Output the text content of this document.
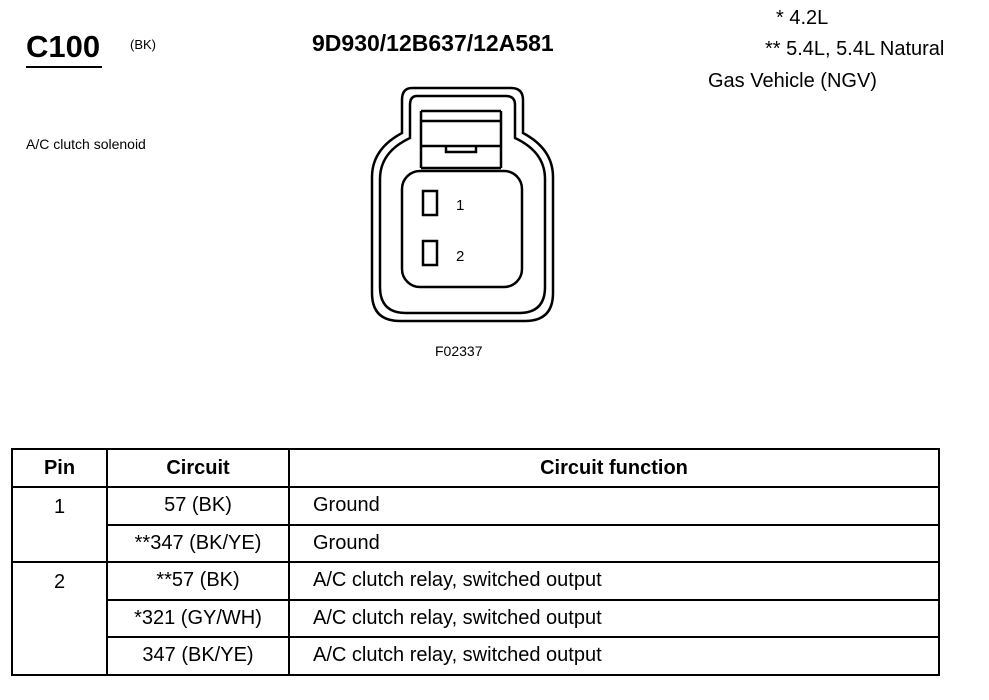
C100 (BK)	9D930/12B637/12A581
* 4.2L
** 5.4L, 5.4L Natural
Gas Vehicle (NGV)
A/C clutch solenoid
1
2
F02337
Pin	Circuit	Circuit function
1	57 (BK)	Ground
	**347 (BK/YE)	Ground
2	**57 (BK)	A/C clutch relay, switched output
	*321 (GY/WH)	A/C clutch relay, switched output
	347 (BK/YE)	A/C clutch relay, switched output
